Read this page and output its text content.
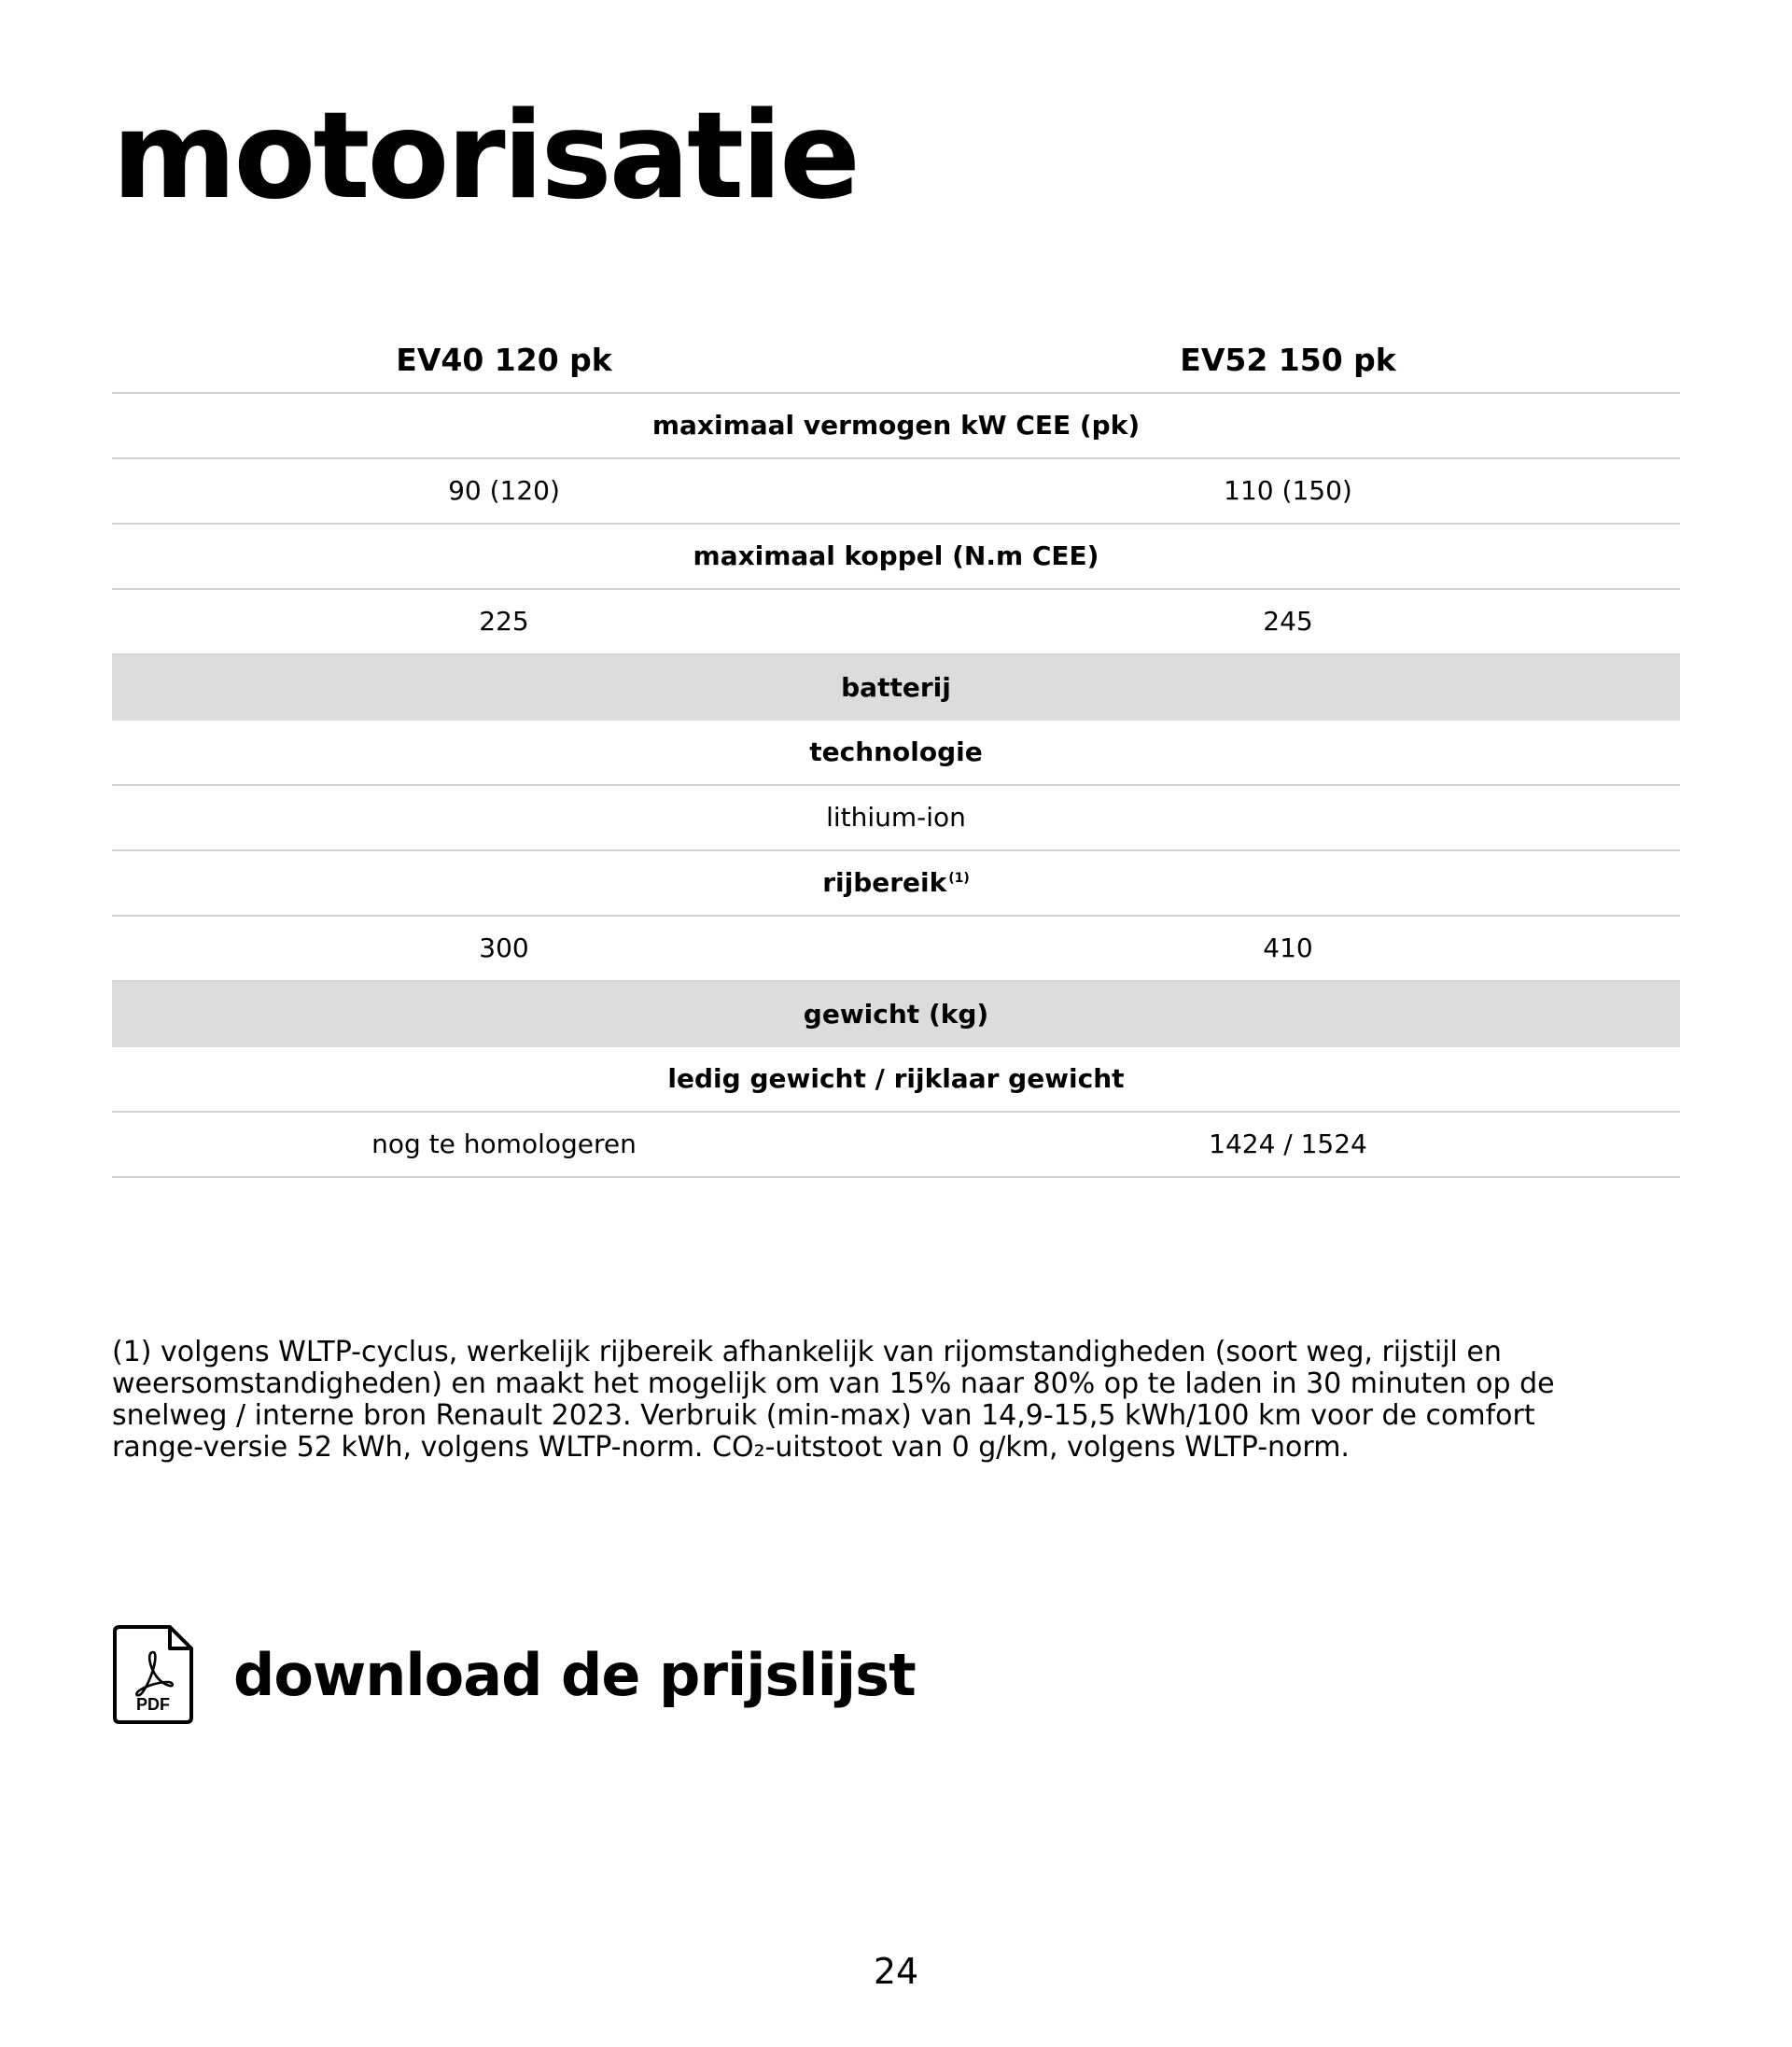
motorisatie
EV40 120 pk	EV52 150 pk
maximaal vermogen kW CEE (pk)
90 (120)	110 (150)
maximaal koppel (N.m CEE)
225	245
batterij
technologie
lithium-ion
rijbereik $^{(1)}$
300	410
gewicht (kg)
ledig gewicht / rijklaar gewicht
nog te homologeren	1424 / 1524

(1) volgens WLTP-cyclus, werkelijk rijbereik afhankelijk van rijomstandigheden (soort weg, rijstijl en weersomstandigheden) en maakt het mogelijk om van 15% naar 80% op te laden in 30 minuten op de snelweg / interne bron Renault 2023. Verbruik (min-max) van 14,9-15,5 kWh/100 km voor de comfort range-versie 52 kWh, volgens WLTP-norm. CO₂-uitstoot van 0 g/km, volgens WLTP-norm.

PDF download de prijslijst
24
